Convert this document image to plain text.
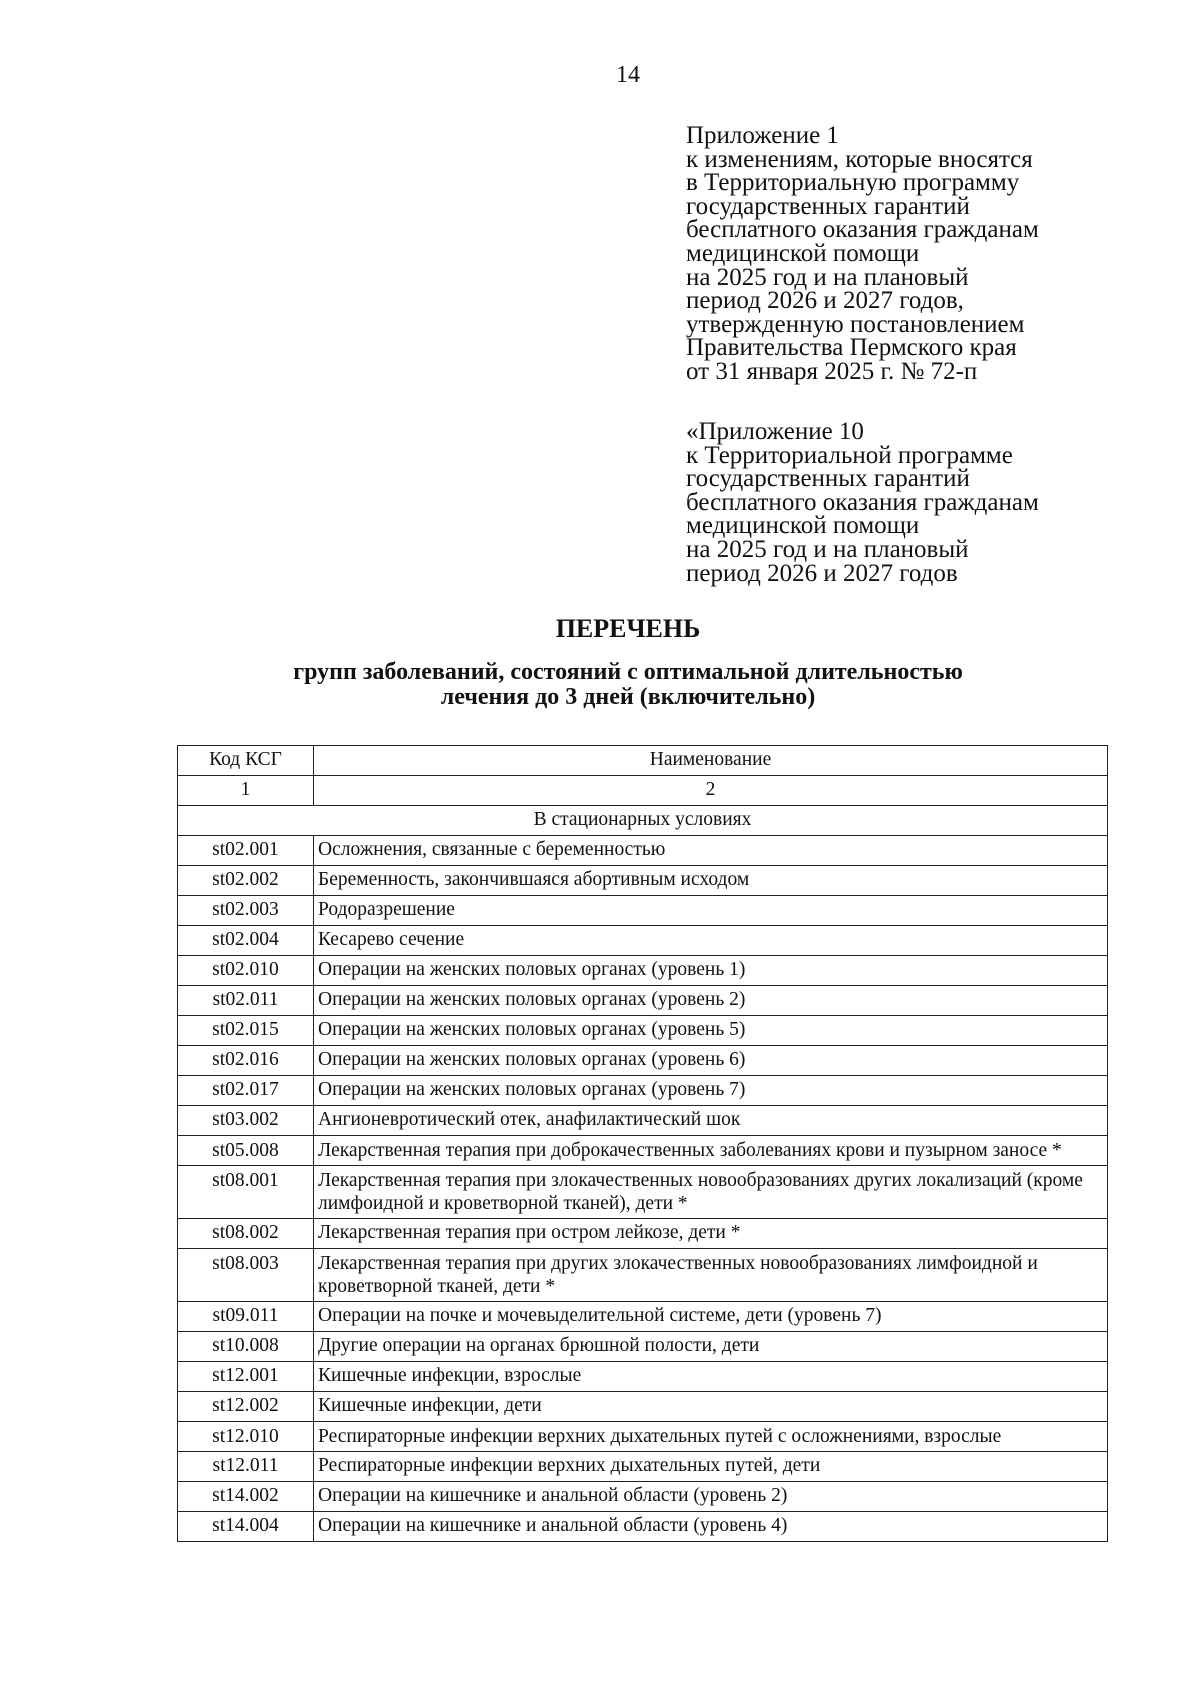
14
Приложение 1
к изменениям, которые вносятся
в Территориальную программу
государственных гарантий
бесплатного оказания гражданам
медицинской помощи
на 2025 год и на плановый
период 2026 и 2027 годов,
утвержденную постановлением
Правительства Пермского края
от 31 января 2025 г. № 72-п
«Приложение 10
к Территориальной программе
государственных гарантий
бесплатного оказания гражданам
медицинской помощи
на 2025 год и на плановый
период 2026 и 2027 годов
ПЕРЕЧЕНЬ
групп заболеваний, состояний с оптимальной длительностью
лечения до 3 дней (включительно)
Код КСГ	Наименование
1	2
В стационарных условиях	
st02.001	Осложнения, связанные с беременностью
st02.002	Беременность, закончившаяся абортивным исходом
st02.003	Родоразрешение
st02.004	Кесарево сечение
st02.010	Операции на женских половых органах (уровень 1)
st02.011	Операции на женских половых органах (уровень 2)
st02.015	Операции на женских половых органах (уровень 5)
st02.016	Операции на женских половых органах (уровень 6)
st02.017	Операции на женских половых органах (уровень 7)
st03.002	Ангионевротический отек, анафилактический шок
st05.008	Лекарственная терапия при доброкачественных заболеваниях крови и пузырном заносе *
st08.001	Лекарственная терапия при злокачественных новообразованиях других локализаций (кроме лимфоидной и кроветворной тканей), дети *
st08.002	Лекарственная терапия при остром лейкозе, дети *
st08.003	Лекарственная терапия при других злокачественных новообразованиях лимфоидной и кроветворной тканей, дети *
st09.011	Операции на почке и мочевыделительной системе, дети (уровень 7)
st10.008	Другие операции на органах брюшной полости, дети
st12.001	Кишечные инфекции, взрослые
st12.002	Кишечные инфекции, дети
st12.010	Респираторные инфекции верхних дыхательных путей с осложнениями, взрослые
st12.011	Респираторные инфекции верхних дыхательных путей, дети
st14.002	Операции на кишечнике и анальной области (уровень 2)
st14.004	Операции на кишечнике и анальной области (уровень 4)
